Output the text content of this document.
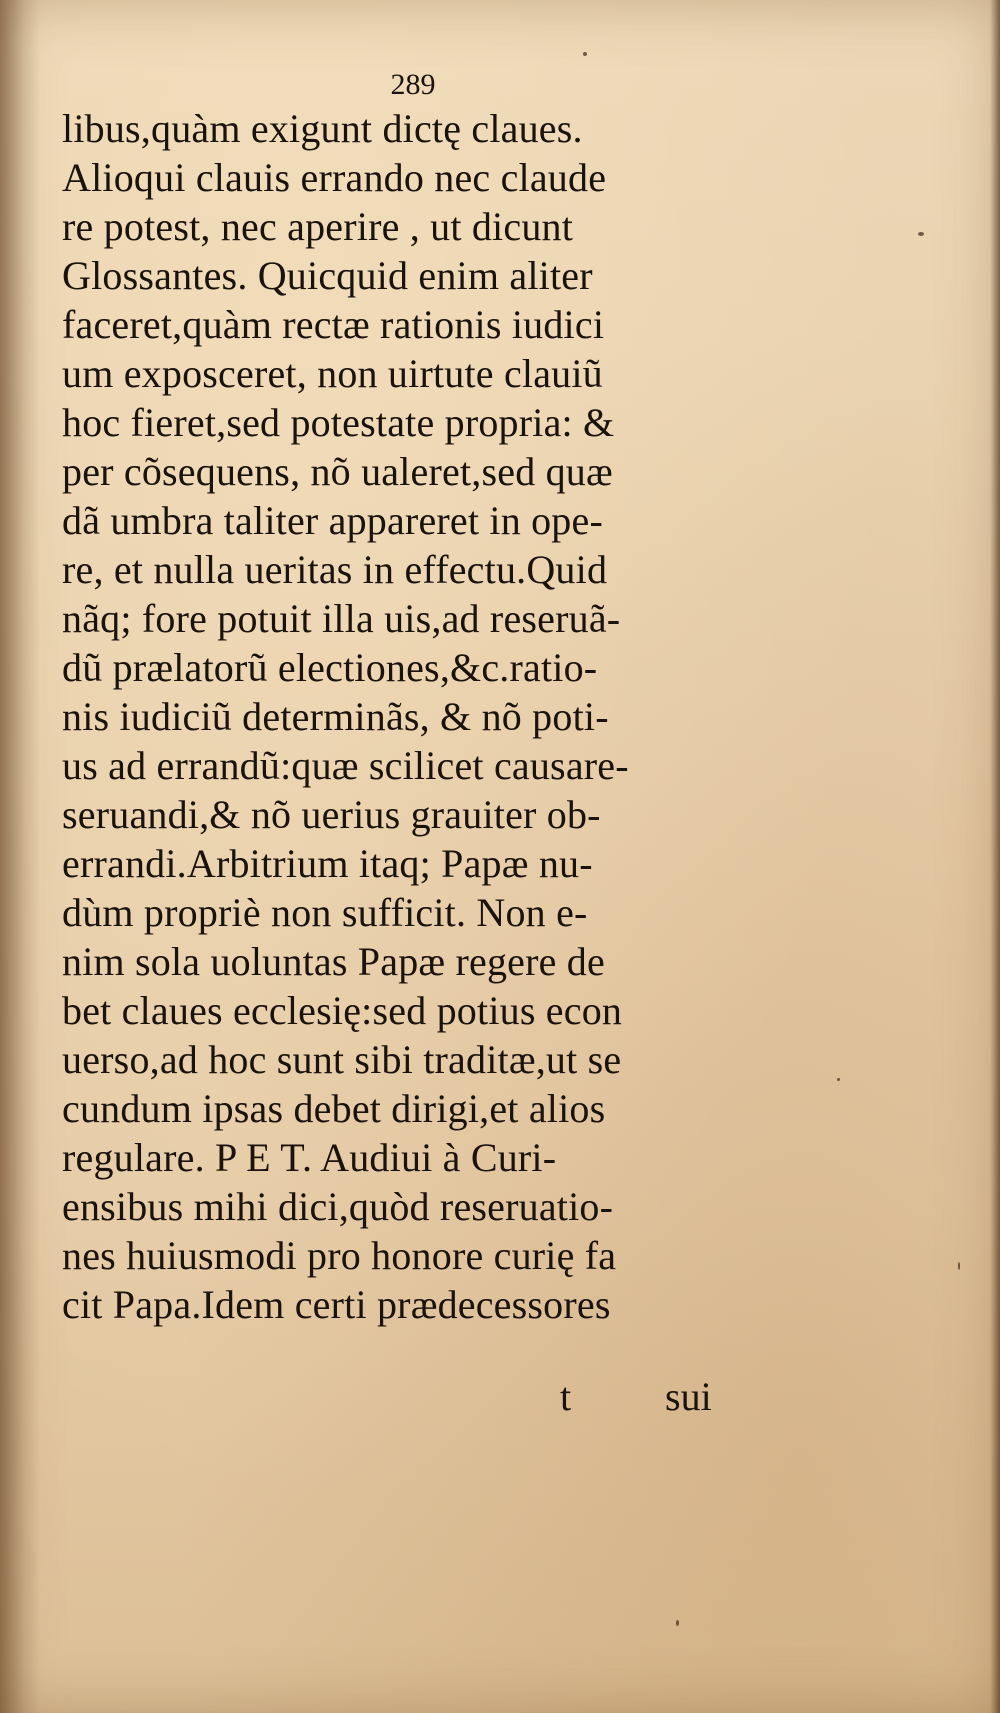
289
libus,quàm exigunt dictę claues.
Alioqui clauis errando nec claude
re potest, nec aperire , ut dicunt
Glossantes. Quicquid enim aliter
faceret,quàm rectæ rationis iudici
um exposceret, non uirtute clauiũ
hoc fieret,sed potestate propria: &
per cõsequens, nõ ualeret,sed quæ
dã umbra taliter appareret in ope-
re, et nulla ueritas in effectu.Quid
nãq; fore potuit illa uis,ad reseruã-
dũ prælatorũ electiones,&c.ratio-
nis iudiciũ determinãs, & nõ poti-
us ad errandũ:quæ scilicet causare-
seruandi,& nõ uerius grauiter ob-
errandi.Arbitrium itaq; Papæ nu-
dùm propriè non sufficit. Non e-
nim sola uoluntas Papæ regere de
bet claues ecclesię:sed potius econ
uerso,ad hoc sunt sibi traditæ,ut se
cundum ipsas debet dirigi,et alios
regulare. P E T. Audiui à Curi-
ensibus mihi dici,quòd reseruatio-
nes huiusmodi pro honore curię fa
cit Papa.Idem certi prædecessores
t sui
